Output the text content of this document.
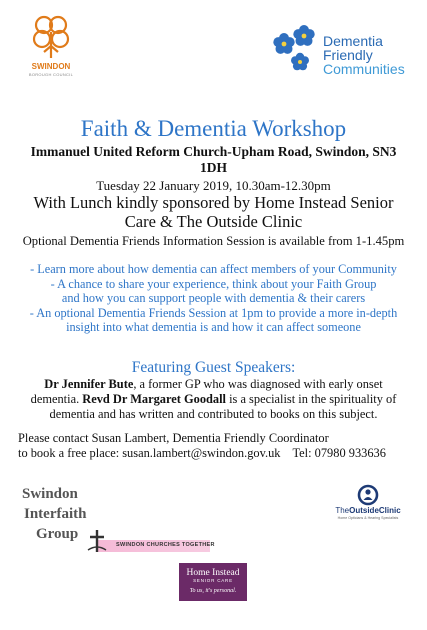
SWINDON
BOROUGH COUNCIL
Dementia
Friendly
Communities
Faith & Dementia Workshop
Immanuel United Reform Church-Upham Road, Swindon, SN3
1DH
Tuesday 22 January 2019, 10.30am-12.30pm
With Lunch kindly sponsored by Home Instead Senior
Care & The Outside Clinic
Optional Dementia Friends Information Session is available from 1-1.45pm
- Learn more about how dementia can affect members of your Community
- A chance to share your experience, think about your Faith Group
and how you can support people with dementia & their carers
- An optional Dementia Friends Session at 1pm to provide a more in-depth
insight into what dementia is and how it can affect someone
Featuring Guest Speakers:
Dr Jennifer Bute, a former GP who was diagnosed with early onset
dementia. Revd Dr Margaret Goodall is a specialist in the spirituality of
dementia and has written and contributed to books on this subject.
Please contact Susan Lambert, Dementia Friendly Coordinator
to book a free place: susan.lambert@swindon.gov.uk Tel: 07980 933636
Swindon
Interfaith
Group
SWINDON CHURCHES TOGETHER
TheOutsideClinic
Home Opticians & Hearing Specialists
Home Instead
SENIOR CARE
To us, it's personal.
